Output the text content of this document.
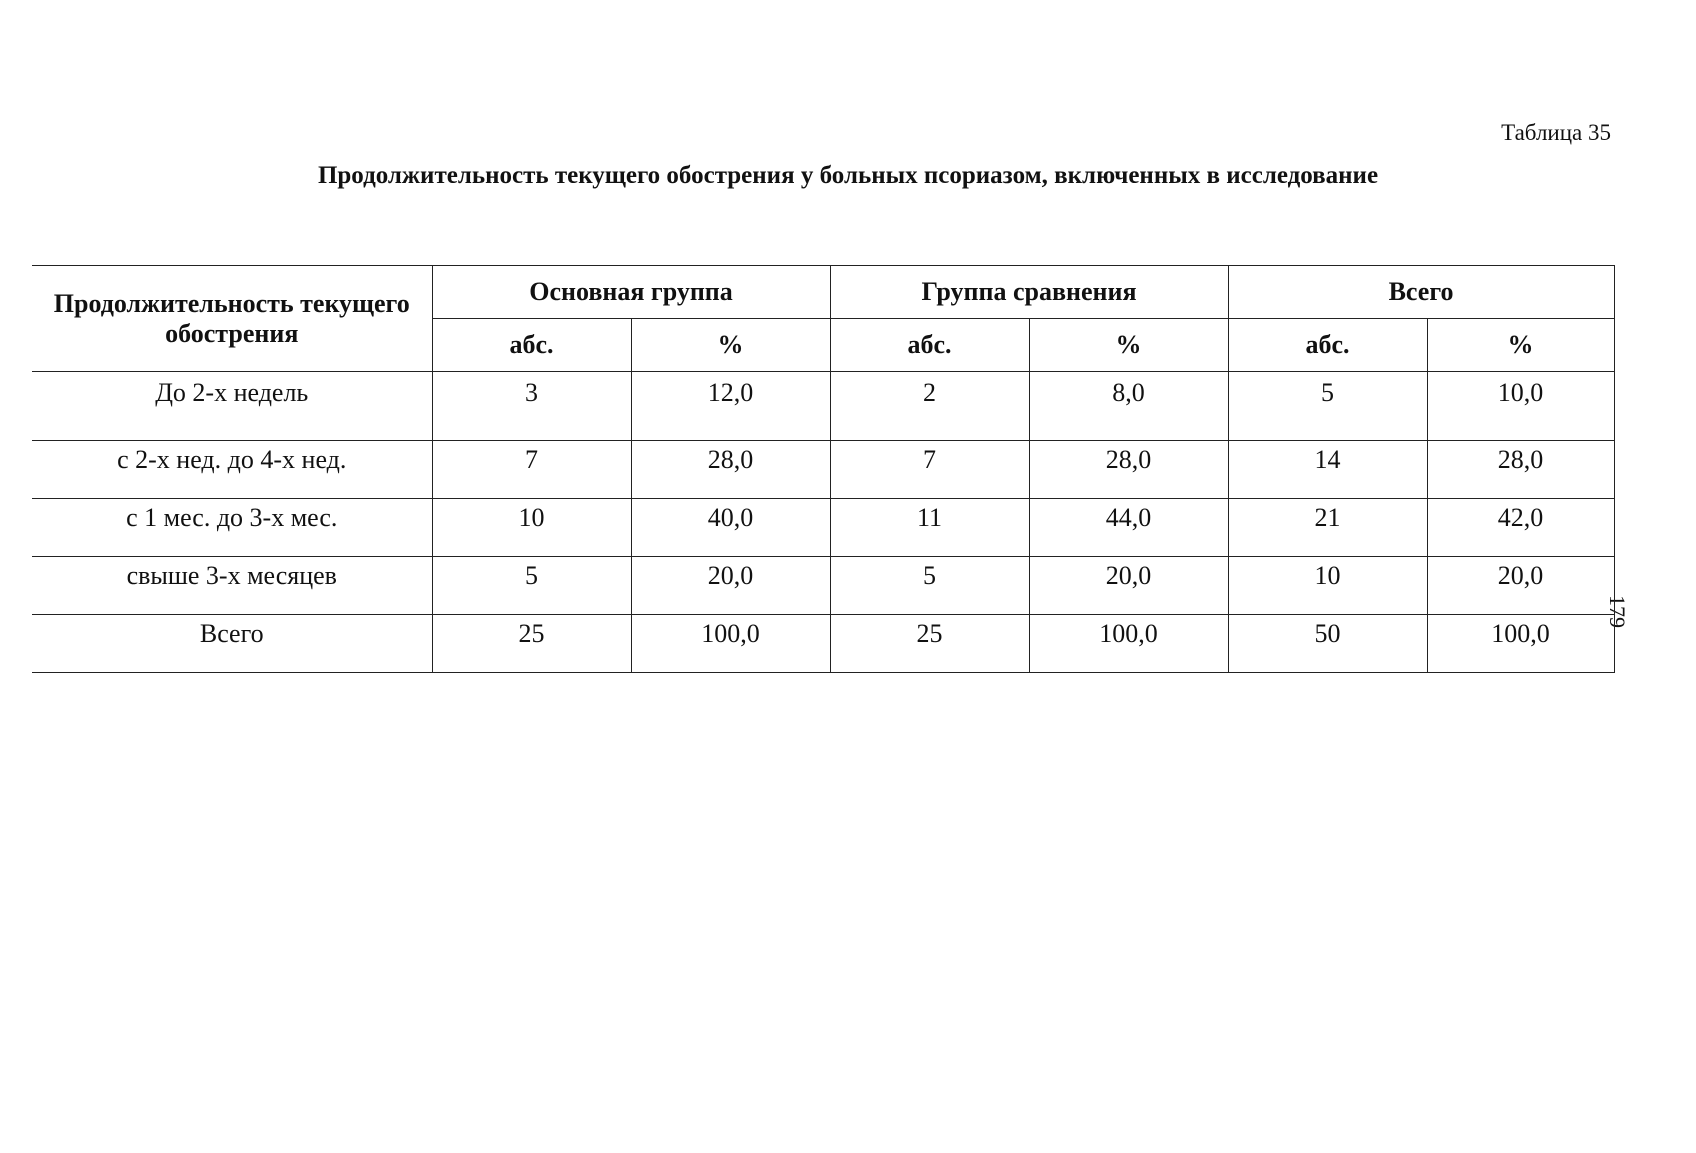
Таблица 35
Продолжительность текущего обострения у больных псориазом, включенных в исследование
179
Продолжительность текущего обострения	Основная группа		Группа сравнения		Всего	
	абс.	%	абс.	%	абс.	%
До 2-х недель	3	12,0	2	8,0	5	10,0
с 2-х нед. до 4-х нед.	7	28,0	7	28,0	14	28,0
с 1 мес. до 3-х мес.	10	40,0	11	44,0	21	42,0
свыше 3-х месяцев	5	20,0	5	20,0	10	20,0
Всего	25	100,0	25	100,0	50	100,0
